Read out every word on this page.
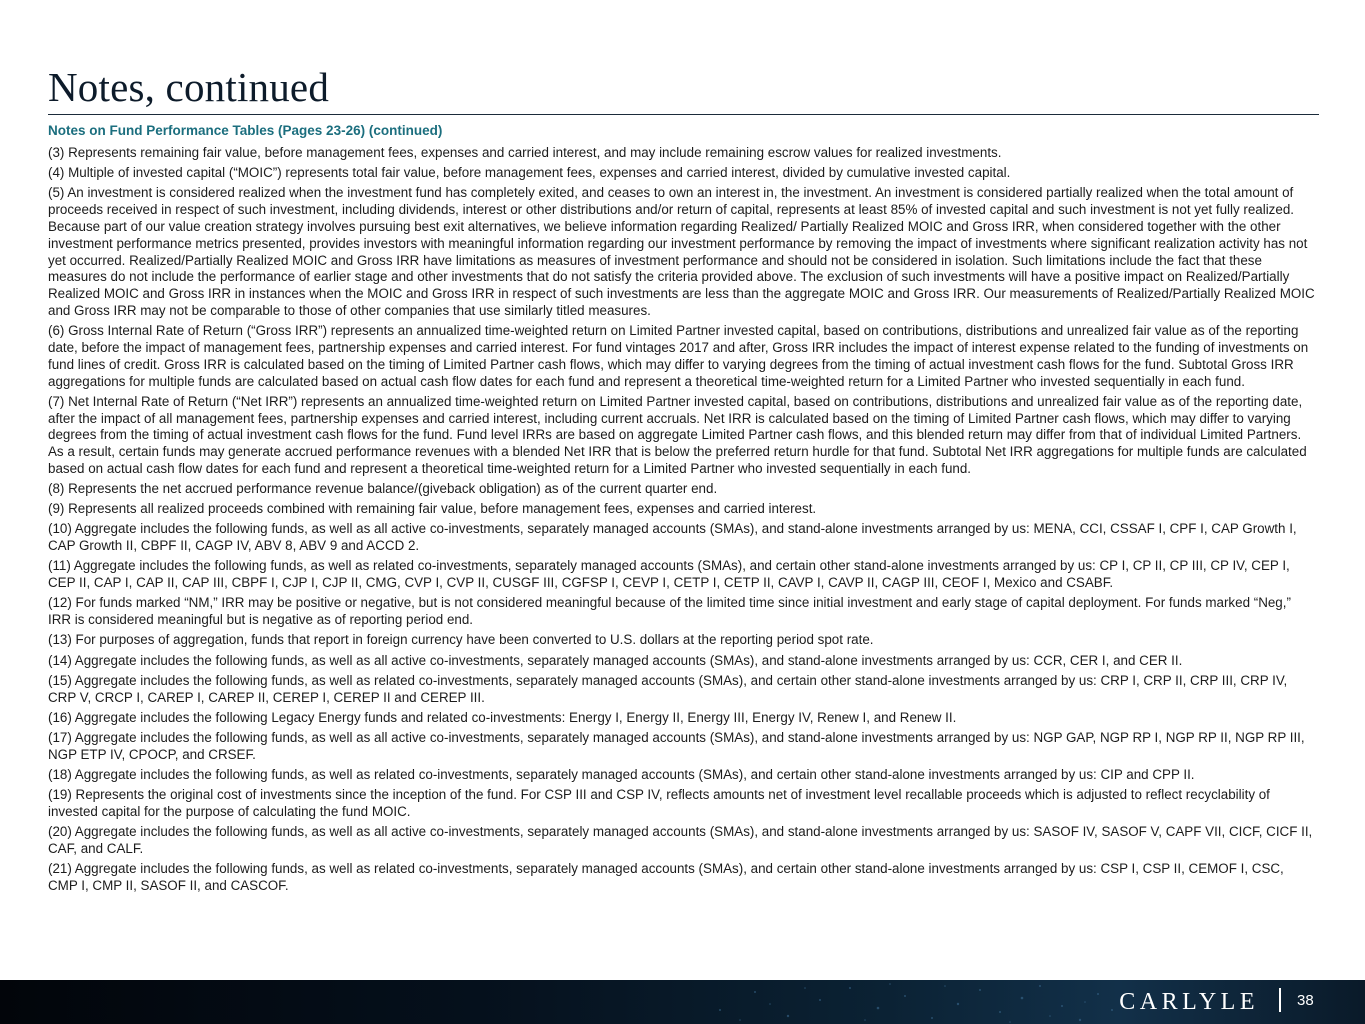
Notes, continued
Notes on Fund Performance Tables (Pages 23-26) (continued)

(3) Represents remaining fair value, before management fees, expenses and carried interest, and may include remaining escrow values for realized investments.

(4) Multiple of invested capital (“MOIC”) represents total fair value, before management fees, expenses and carried interest, divided by cumulative invested capital.

(5) An investment is considered realized when the investment fund has completely exited, and ceases to own an interest in, the investment. An investment is considered partially realized when the total amount of proceeds received in respect of such investment, including dividends, interest or other distributions and/or return of capital, represents at least 85% of invested capital and such investment is not yet fully realized. Because part of our value creation strategy involves pursuing best exit alternatives, we believe information regarding Realized/ Partially Realized MOIC and Gross IRR, when considered together with the other investment performance metrics presented, provides investors with meaningful information regarding our investment performance by removing the impact of investments where significant realization activity has not yet occurred. Realized/Partially Realized MOIC and Gross IRR have limitations as measures of investment performance and should not be considered in isolation. Such limitations include the fact that these measures do not include the performance of earlier stage and other investments that do not satisfy the criteria provided above. The exclusion of such investments will have a positive impact on Realized/Partially Realized MOIC and Gross IRR in instances when the MOIC and Gross IRR in respect of such investments are less than the aggregate MOIC and Gross IRR. Our measurements of Realized/Partially Realized MOIC and Gross IRR may not be comparable to those of other companies that use similarly titled measures.

(6) Gross Internal Rate of Return (“Gross IRR”) represents an annualized time-weighted return on Limited Partner invested capital, based on contributions, distributions and unrealized fair value as of the reporting date, before the impact of management fees, partnership expenses and carried interest. For fund vintages 2017 and after, Gross IRR includes the impact of interest expense related to the funding of investments on fund lines of credit. Gross IRR is calculated based on the timing of Limited Partner cash flows, which may differ to varying degrees from the timing of actual investment cash flows for the fund. Subtotal Gross IRR aggregations for multiple funds are calculated based on actual cash flow dates for each fund and represent a theoretical time-weighted return for a Limited Partner who invested sequentially in each fund.

(7) Net Internal Rate of Return (“Net IRR”) represents an annualized time-weighted return on Limited Partner invested capital, based on contributions, distributions and unrealized fair value as of the reporting date, after the impact of all management fees, partnership expenses and carried interest, including current accruals. Net IRR is calculated based on the timing of Limited Partner cash flows, which may differ to varying degrees from the timing of actual investment cash flows for the fund. Fund level IRRs are based on aggregate Limited Partner cash flows, and this blended return may differ from that of individual Limited Partners. As a result, certain funds may generate accrued performance revenues with a blended Net IRR that is below the preferred return hurdle for that fund. Subtotal Net IRR aggregations for multiple funds are calculated based on actual cash flow dates for each fund and represent a theoretical time-weighted return for a Limited Partner who invested sequentially in each fund.

(8) Represents the net accrued performance revenue balance/(giveback obligation) as of the current quarter end.

(9) Represents all realized proceeds combined with remaining fair value, before management fees, expenses and carried interest.

(10) Aggregate includes the following funds, as well as all active co-investments, separately managed accounts (SMAs), and stand-alone investments arranged by us: MENA, CCI, CSSAF I, CPF I, CAP Growth I, CAP Growth II, CBPF II, CAGP IV, ABV 8, ABV 9 and ACCD 2.

(11) Aggregate includes the following funds, as well as related co-investments, separately managed accounts (SMAs), and certain other stand-alone investments arranged by us: CP I, CP II, CP III, CP IV, CEP I, CEP II, CAP I, CAP II, CAP III, CBPF I, CJP I, CJP II, CMG, CVP I, CVP II, CUSGF III, CGFSP I, CEVP I, CETP I, CETP II, CAVP I, CAVP II, CAGP III, CEOF I, Mexico and CSABF.

(12) For funds marked “NM,” IRR may be positive or negative, but is not considered meaningful because of the limited time since initial investment and early stage of capital deployment. For funds marked “Neg,” IRR is considered meaningful but is negative as of reporting period end.

(13) For purposes of aggregation, funds that report in foreign currency have been converted to U.S. dollars at the reporting period spot rate.

(14) Aggregate includes the following funds, as well as all active co-investments, separately managed accounts (SMAs), and stand-alone investments arranged by us: CCR, CER I, and CER II.

(15) Aggregate includes the following funds, as well as related co-investments, separately managed accounts (SMAs), and certain other stand-alone investments arranged by us: CRP I, CRP II, CRP III, CRP IV, CRP V, CRCP I, CAREP I, CAREP II, CEREP I, CEREP II and CEREP III.

(16) Aggregate includes the following Legacy Energy funds and related co-investments: Energy I, Energy II, Energy III, Energy IV, Renew I, and Renew II.

(17) Aggregate includes the following funds, as well as all active co-investments, separately managed accounts (SMAs), and stand-alone investments arranged by us: NGP GAP, NGP RP I, NGP RP II, NGP RP III, NGP ETP IV, CPOCP, and CRSEF.

(18) Aggregate includes the following funds, as well as related co-investments, separately managed accounts (SMAs), and certain other stand-alone investments arranged by us: CIP and CPP II.

(19) Represents the original cost of investments since the inception of the fund. For CSP III and CSP IV, reflects amounts net of investment level recallable proceeds which is adjusted to reflect recyclability of invested capital for the purpose of calculating the fund MOIC.

(20) Aggregate includes the following funds, as well as all active co-investments, separately managed accounts (SMAs), and stand-alone investments arranged by us: SASOF IV, SASOF V, CAPF VII, CICF, CICF II, CAF, and CALF.

(21) Aggregate includes the following funds, as well as related co-investments, separately managed accounts (SMAs), and certain other stand-alone investments arranged by us: CSP I, CSP II, CEMOF I, CSC, CMP I, CMP II, SASOF II, and CASCOF.

CARLYLE	38
